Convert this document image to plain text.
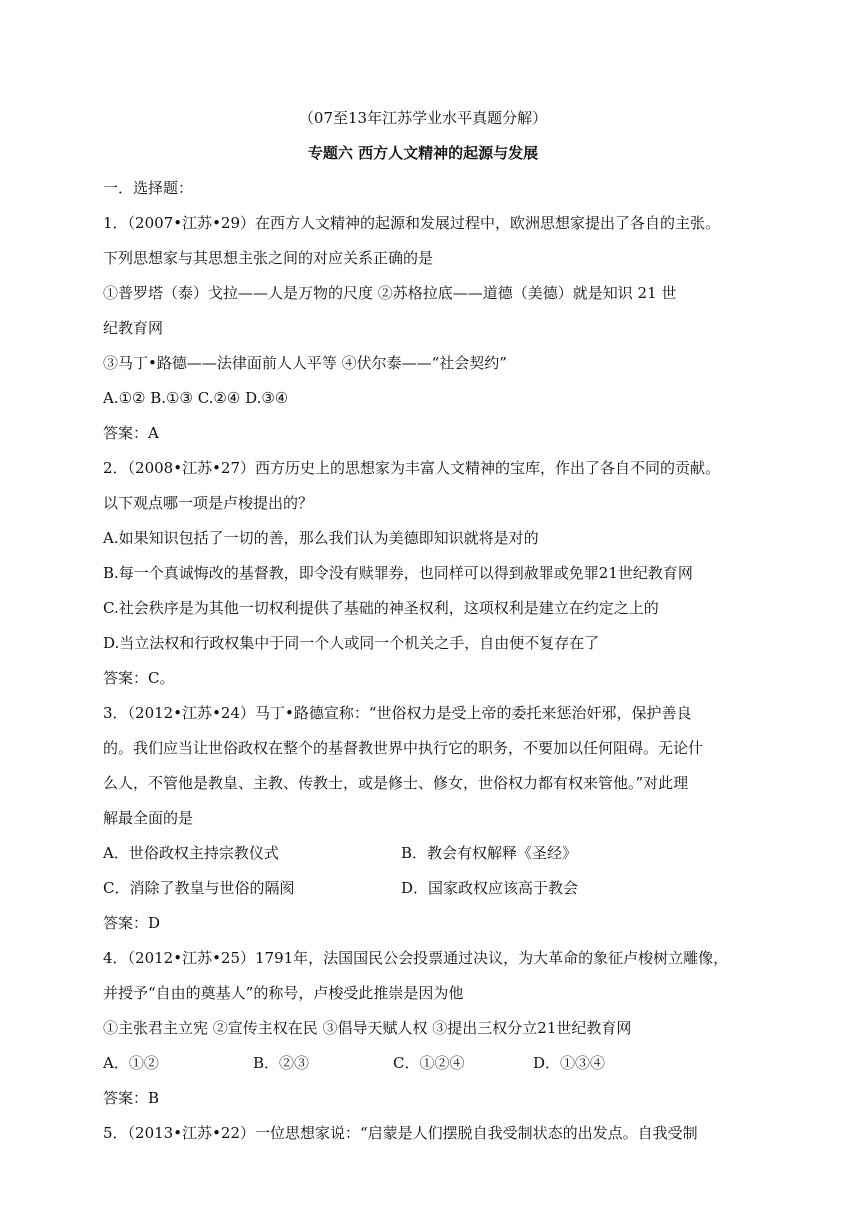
（07至13年江苏学业水平真题分解）
专题六 西方人文精神的起源与发展
一．选择题：
1．（2007•江苏•29）在西方人文精神的起源和发展过程中，欧洲思想家提出了各自的主张。
下列思想家与其思想主张之间的对应关系正确的是
①普罗塔（泰）戈拉——人是万物的尺度 ②苏格拉底——道德（美德）就是知识 21 世
纪教育网
③马丁•路德——法律面前人人平等 ④伏尔泰——“社会契约”
A.①② B.①③ C.②④ D.③④
答案：A
2．（2008•江苏•27）西方历史上的思想家为丰富人文精神的宝库，作出了各自不同的贡献。
以下观点哪一项是卢梭提出的？
A.如果知识包括了一切的善，那么我们认为美德即知识就将是对的
B.每一个真诚悔改的基督教，即令没有赎罪券，也同样可以得到赦罪或免罪21世纪教育网
C.社会秩序是为其他一切权利提供了基础的神圣权利，这项权利是建立在约定之上的
D.当立法权和行政权集中于同一个人或同一个机关之手，自由便不复存在了
答案：C。
3．（2012•江苏•24）马丁•路德宣称：“世俗权力是受上帝的委托来惩治奸邪，保护善良
的。我们应当让世俗政权在整个的基督教世界中执行它的职务，不要加以任何阻碍。无论什
么人，不管他是教皇、主教、传教士，或是修士、修女，世俗权力都有权来管他。”对此理
解最全面的是
A．世俗政权主持宗教仪式	B．教会有权解释《圣经》
C．消除了教皇与世俗的隔阂	D．国家政权应该高于教会
答案：D
4．（2012•江苏•25）1791年，法国国民公会投票通过决议，为大革命的象征卢梭树立雕像，
并授予“自由的奠基人”的称号，卢梭受此推崇是因为他
①主张君主立宪 ②宣传主权在民 ③倡导天赋人权 ③提出三权分立21世纪教育网
A．①②	B．②③	C．①②④	D．①③④
答案：B
5．（2013•江苏•22）一位思想家说：“启蒙是人们摆脱自我受制状态的出发点。自我受制
